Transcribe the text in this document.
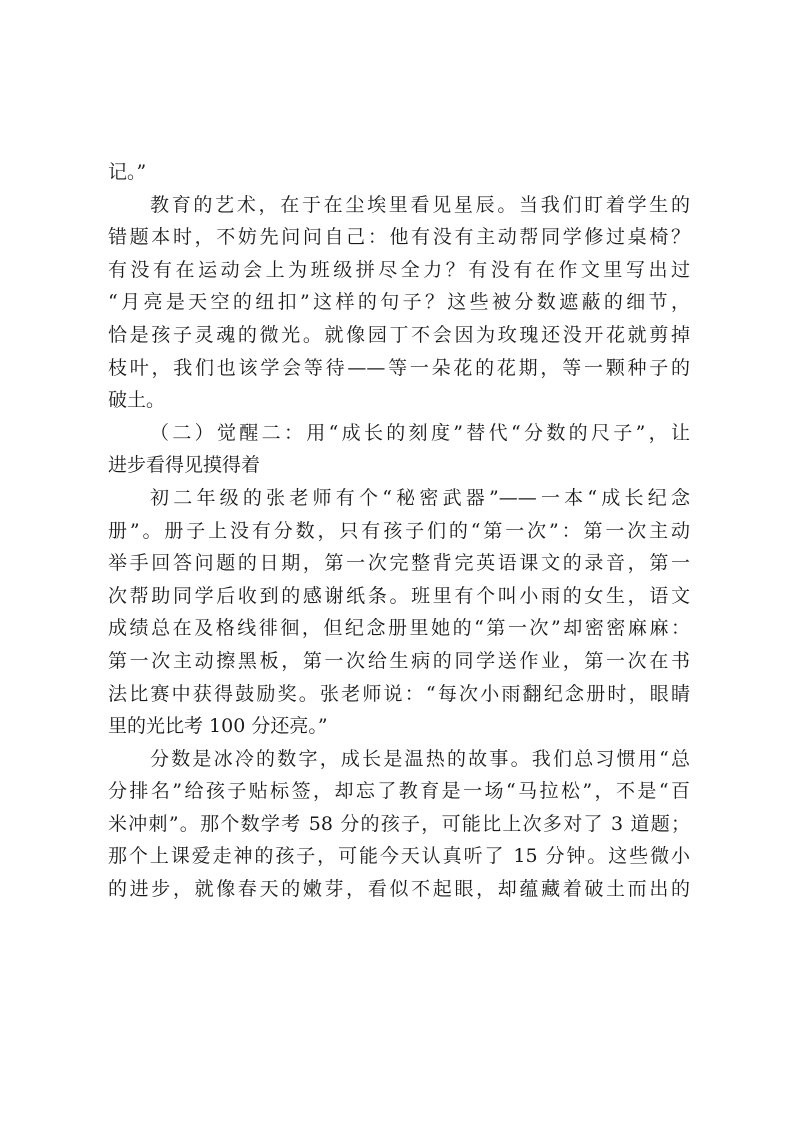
记。”
教育的艺术，在于在尘埃里看见星辰。当我们盯着学生的
错题本时，不妨先问问自己：他有没有主动帮同学修过桌椅？
有没有在运动会上为班级拼尽全力？有没有在作文里写出过
“月亮是天空的纽扣”这样的句子？这些被分数遮蔽的细节，
恰是孩子灵魂的微光。就像园丁不会因为玫瑰还没开花就剪掉
枝叶，我们也该学会等待——等一朵花的花期，等一颗种子的
破土。
（二）觉醒二：用“成长的刻度”替代“分数的尺子”，让
进步看得见摸得着
初二年级的张老师有个“秘密武器”——一本“成长纪念
册”。册子上没有分数，只有孩子们的“第一次”：第一次主动
举手回答问题的日期，第一次完整背完英语课文的录音，第一
次帮助同学后收到的感谢纸条。班里有个叫小雨的女生，语文
成绩总在及格线徘徊，但纪念册里她的“第一次”却密密麻麻：
第一次主动擦黑板，第一次给生病的同学送作业，第一次在书
法比赛中获得鼓励奖。张老师说：“每次小雨翻纪念册时，眼睛
里的光比考 100 分还亮。”
分数是冰冷的数字，成长是温热的故事。我们总习惯用“总
分排名”给孩子贴标签，却忘了教育是一场“马拉松”，不是“百
米冲刺”。那个数学考 58 分的孩子，可能比上次多对了 3 道题；
那个上课爱走神的孩子，可能今天认真听了 15 分钟。这些微小
的进步，就像春天的嫩芽，看似不起眼，却蕴藏着破土而出的
